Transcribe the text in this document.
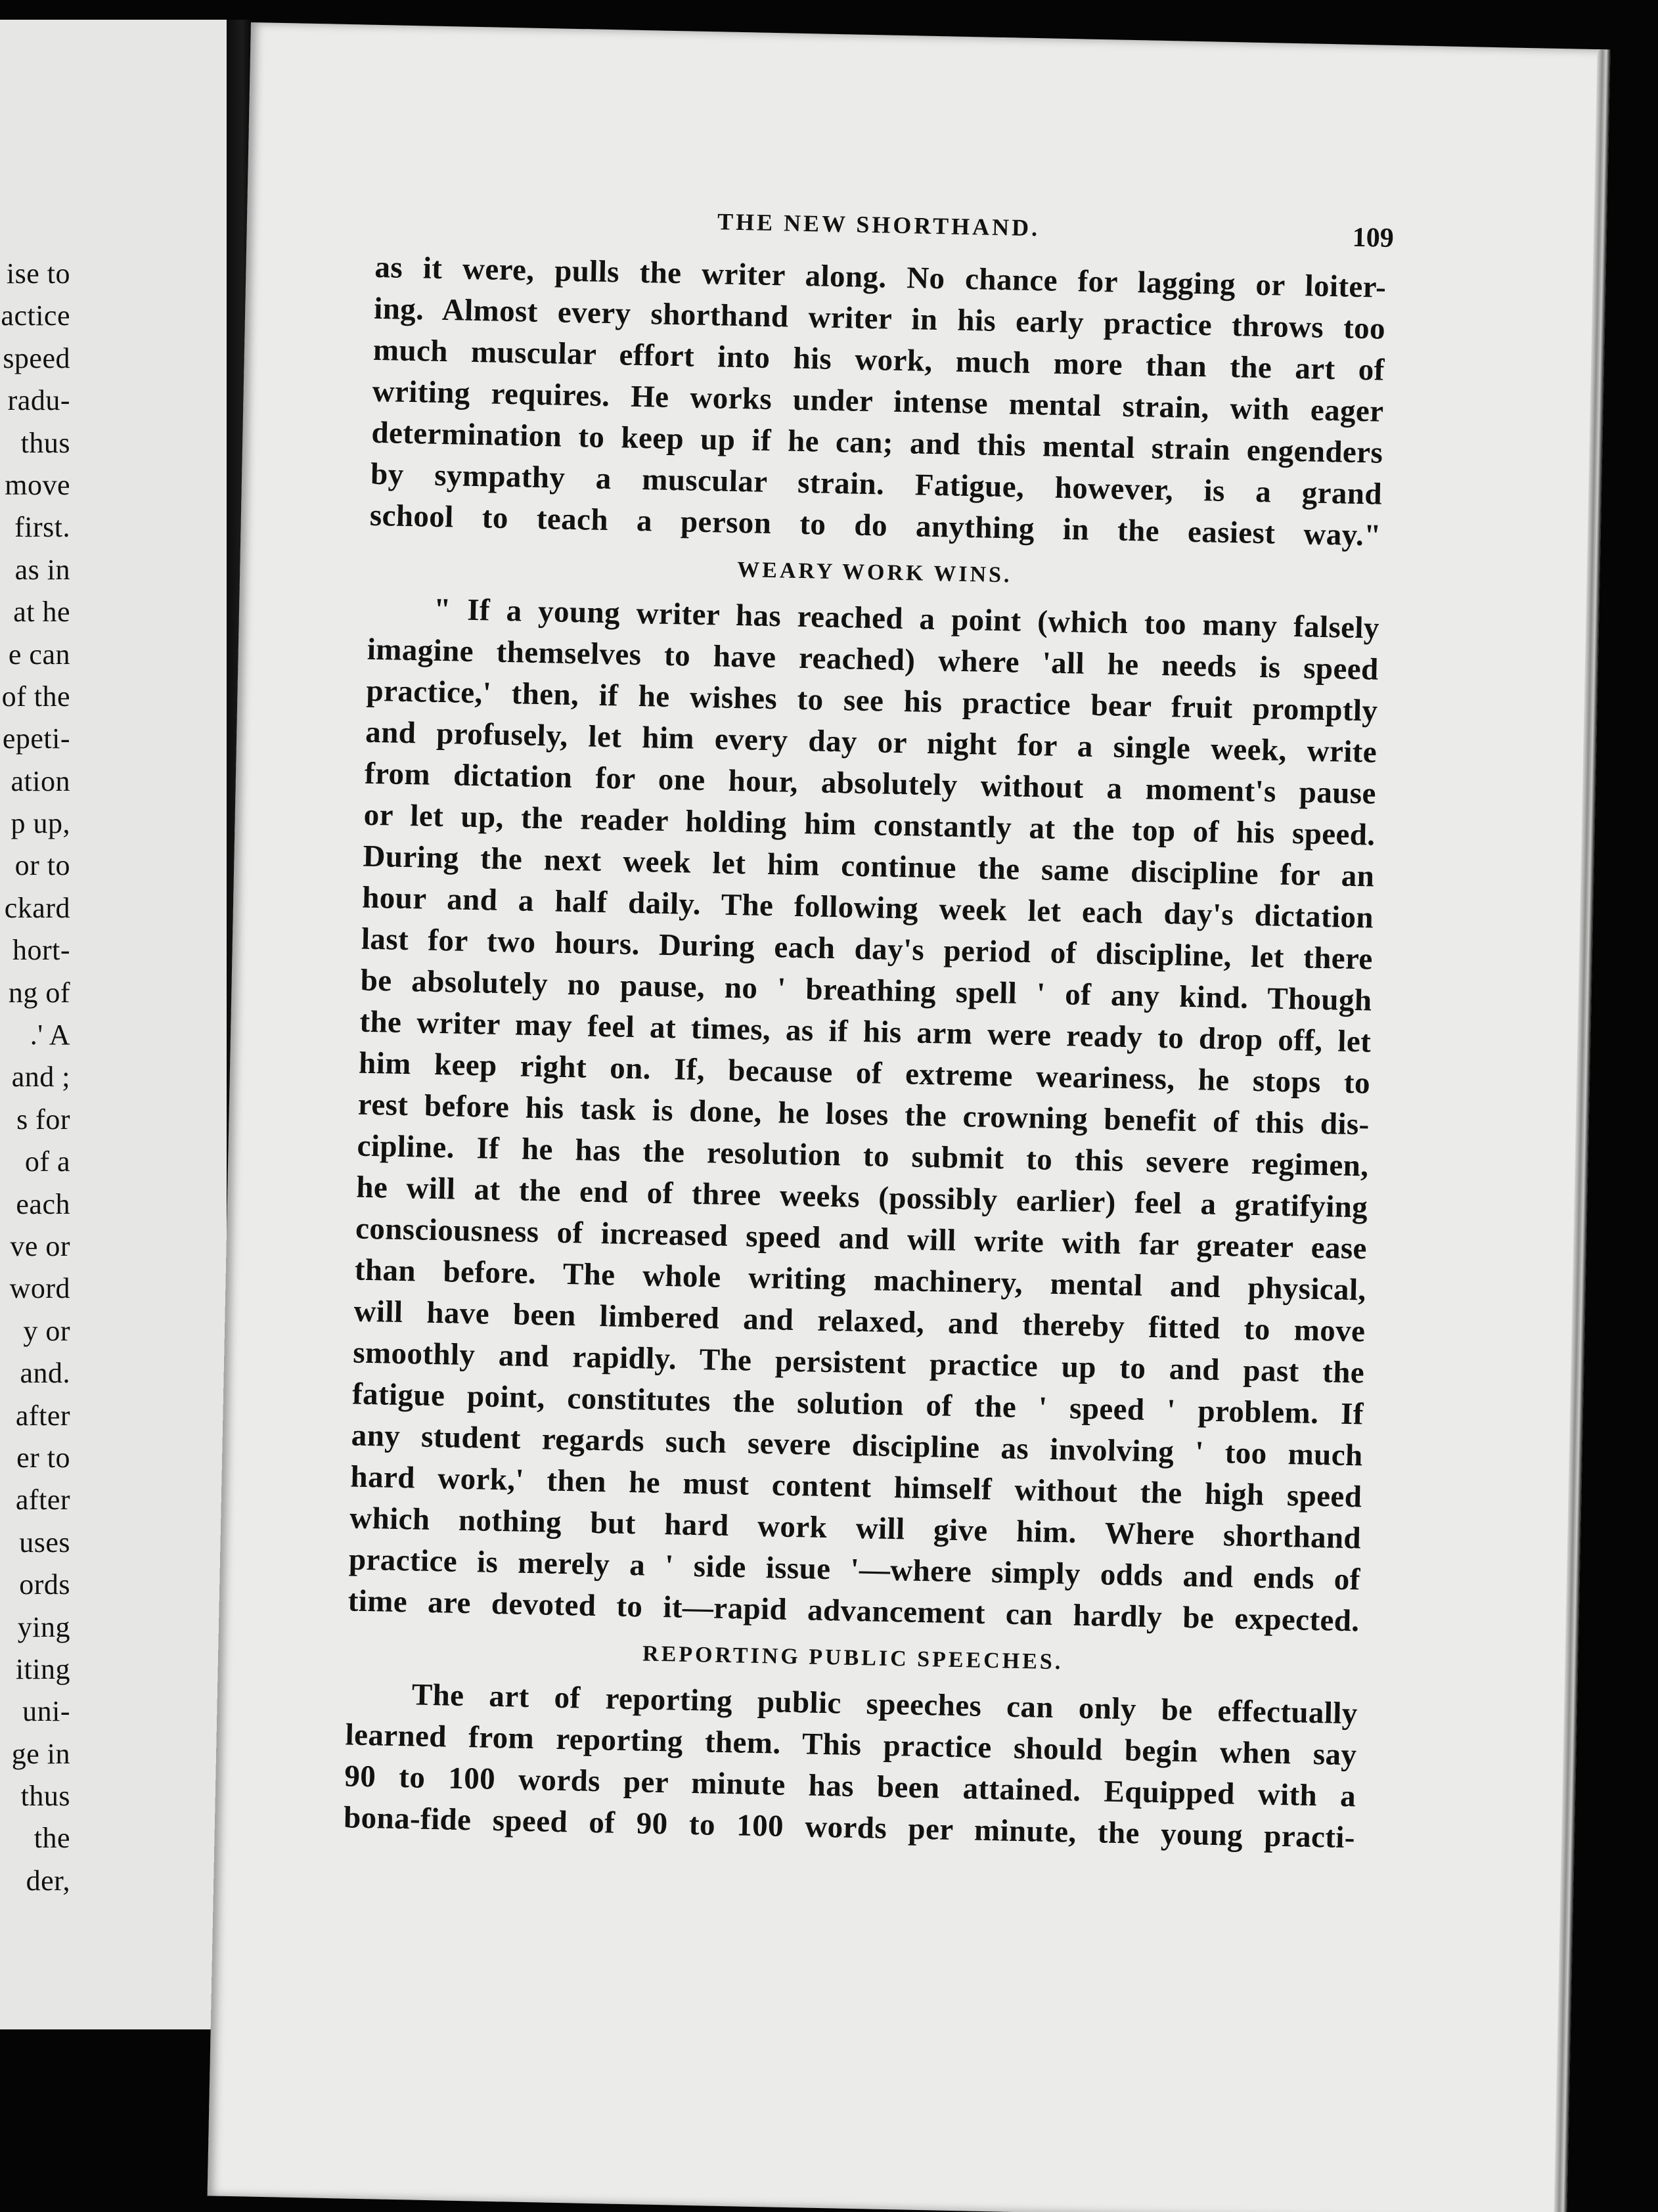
ise to
actice
speed
radu-
thus
move
first.
as in
at he
e can
of the
epeti-
ation
p up,
or to
ckard
hort-
ng of
.' A
and ;
s for
of a
each
ve or
word
y or
and.
after
er to
after
uses
ords
ying
iting
uni-
ge in
thus
the
der,
THE NEW SHORTHAND.	109
as it were, pulls the writer along. No chance for lagging or loiter-
ing. Almost every shorthand writer in his early practice throws too
much muscular effort into his work, much more than the art of
writing requires. He works under intense mental strain, with eager
determination to keep up if he can; and this mental strain engenders
by sympathy a muscular strain. Fatigue, however, is a grand
school to teach a person to do anything in the easiest way."
WEARY WORK WINS.
" If a young writer has reached a point (which too many falsely
imagine themselves to have reached) where 'all he needs is speed
practice,' then, if he wishes to see his practice bear fruit promptly
and profusely, let him every day or night for a single week, write
from dictation for one hour, absolutely without a moment's pause
or let up, the reader holding him constantly at the top of his speed.
During the next week let him continue the same discipline for an
hour and a half daily. The following week let each day's dictation
last for two hours. During each day's period of discipline, let there
be absolutely no pause, no ' breathing spell ' of any kind. Though
the writer may feel at times, as if his arm were ready to drop off, let
him keep right on. If, because of extreme weariness, he stops to
rest before his task is done, he loses the crowning benefit of this dis-
cipline. If he has the resolution to submit to this severe regimen,
he will at the end of three weeks (possibly earlier) feel a gratifying
consciousness of increased speed and will write with far greater ease
than before. The whole writing machinery, mental and physical,
will have been limbered and relaxed, and thereby fitted to move
smoothly and rapidly. The persistent practice up to and past the
fatigue point, constitutes the solution of the ' speed ' problem. If
any student regards such severe discipline as involving ' too much
hard work,' then he must content himself without the high speed
which nothing but hard work will give him. Where shorthand
practice is merely a ' side issue '—where simply odds and ends of
time are devoted to it—rapid advancement can hardly be expected.
REPORTING PUBLIC SPEECHES.
The art of reporting public speeches can only be effectually
learned from reporting them. This practice should begin when say
90 to 100 words per minute has been attained. Equipped with a
bona-fide speed of 90 to 100 words per minute, the young practi-
